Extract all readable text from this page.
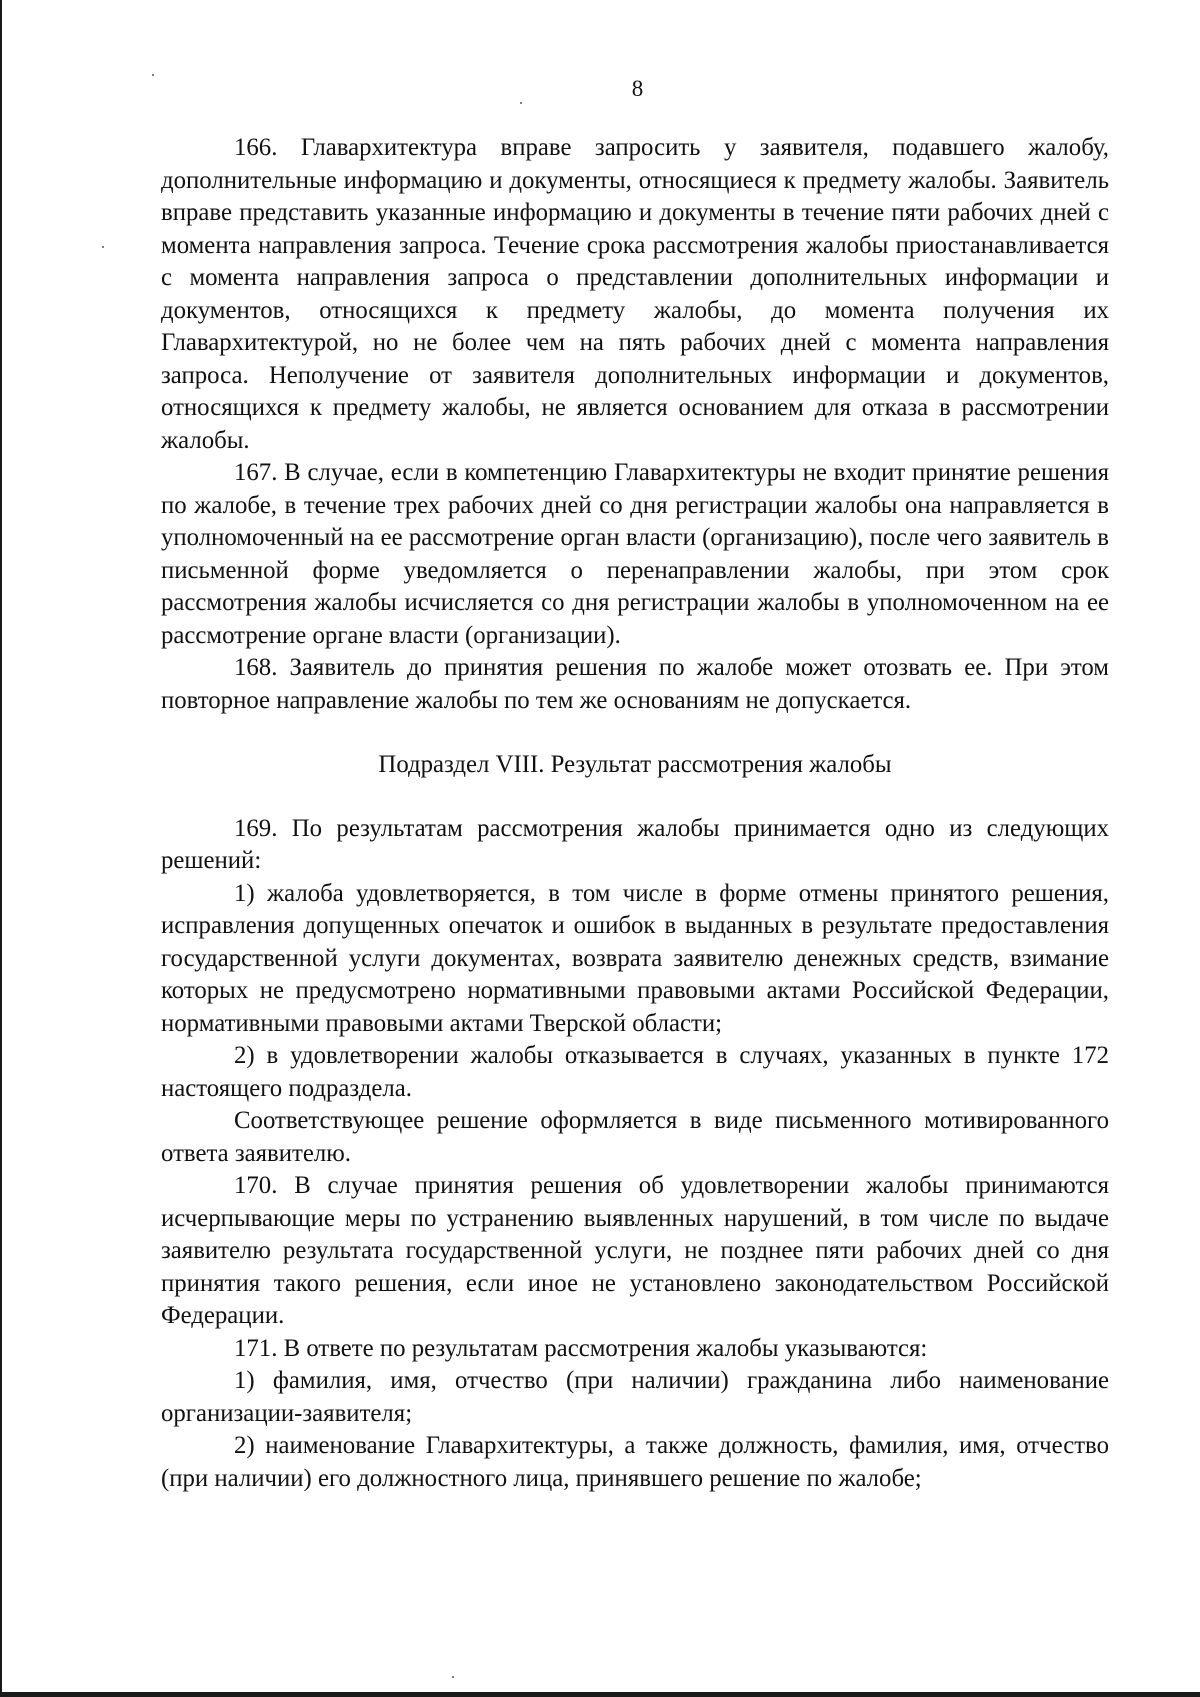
8

166. Главархитектура вправе запросить у заявителя, подавшего жалобу, дополнительные информацию и документы, относящиеся к предмету жалобы. Заявитель вправе представить указанные информацию и документы в течение пяти рабочих дней с момента направления запроса. Течение срока рассмотрения жалобы приостанавливается с момента направления запроса о представлении дополнительных информации и документов, относящихся к предмету жалобы, до момента получения их Главархитектурой, но не более чем на пять рабочих дней с момента направления запроса. Неполучение от заявителя дополнительных информации и документов, относящихся к предмету жалобы, не является основанием для отказа в рассмотрении жалобы.

167. В случае, если в компетенцию Главархитектуры не входит принятие решения по жалобе, в течение трех рабочих дней со дня регистрации жалобы она направляется в уполномоченный на ее рассмотрение орган власти (организацию), после чего заявитель в письменной форме уведомляется о перенаправлении жалобы, при этом срок рассмотрения жалобы исчисляется со дня регистрации жалобы в уполномоченном на ее рассмотрение органе власти (организации).

168. Заявитель до принятия решения по жалобе может отозвать ее. При этом повторное направление жалобы по тем же основаниям не допускается.

Подраздел VIII. Результат рассмотрения жалобы

169. По результатам рассмотрения жалобы принимается одно из следующих решений:

1) жалоба удовлетворяется, в том числе в форме отмены принятого решения, исправления допущенных опечаток и ошибок в выданных в результате предоставления государственной услуги документах, возврата заявителю денежных средств, взимание которых не предусмотрено нормативными правовыми актами Российской Федерации, нормативными правовыми актами Тверской области;

2) в удовлетворении жалобы отказывается в случаях, указанных в пункте 172 настоящего подраздела.

Соответствующее решение оформляется в виде письменного мотивированного ответа заявителю.

170. В случае принятия решения об удовлетворении жалобы принимаются исчерпывающие меры по устранению выявленных нарушений, в том числе по выдаче заявителю результата государственной услуги, не позднее пяти рабочих дней со дня принятия такого решения, если иное не установлено законодательством Российской Федерации.

171. В ответе по результатам рассмотрения жалобы указываются:

1) фамилия, имя, отчество (при наличии) гражданина либо наименование организации-заявителя;

2) наименование Главархитектуры, а также должность, фамилия, имя, отчество (при наличии) его должностного лица, принявшего решение по жалобе;
